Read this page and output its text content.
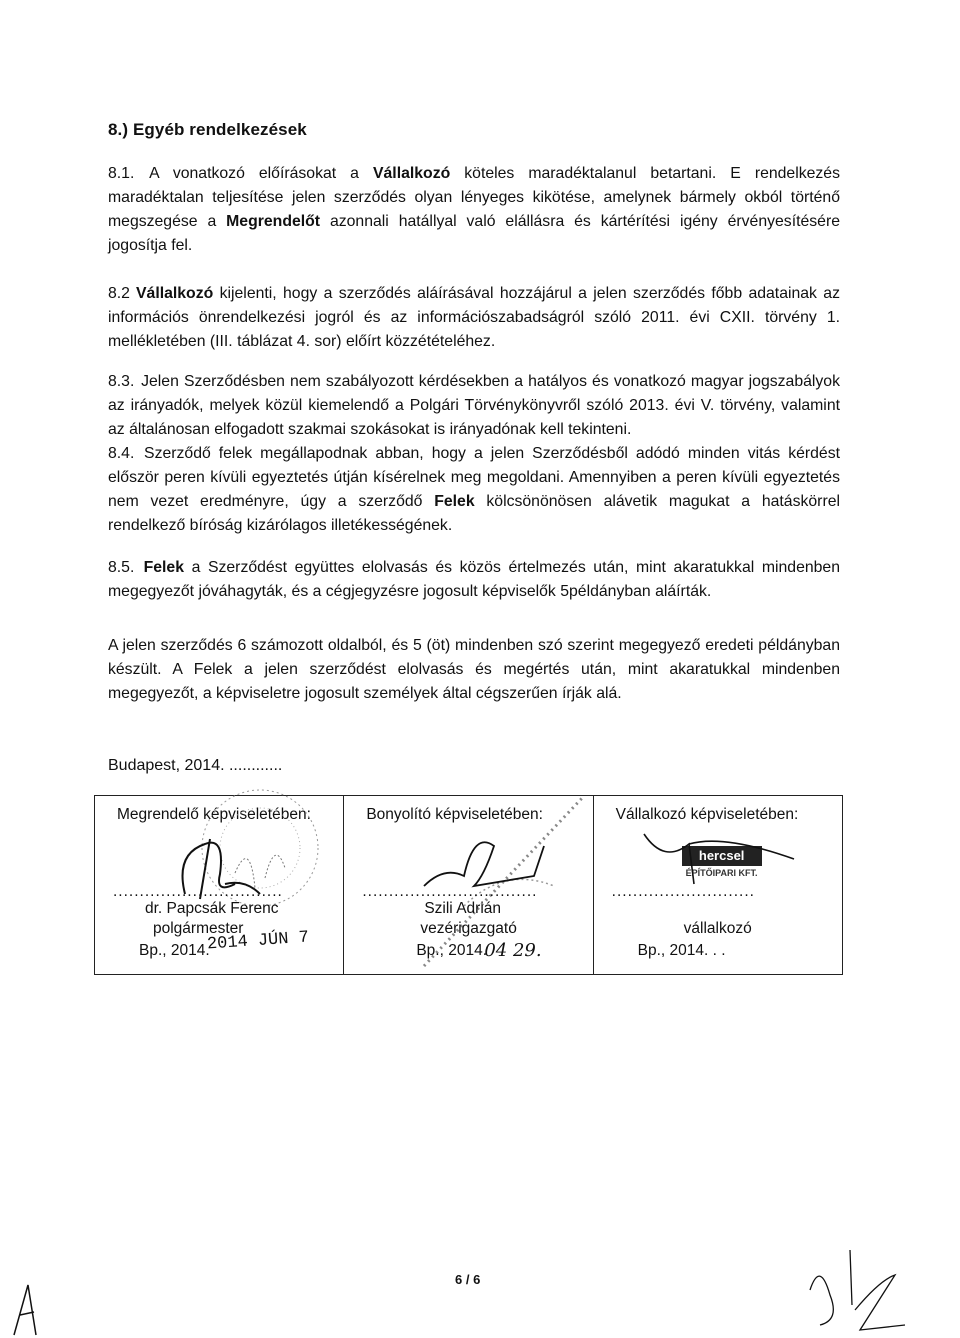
8.) Egyéb rendelkezések
8.1. A vonatkozó előírásokat a Vállalkozó köteles maradéktalanul betartani. E rendelkezés maradéktalan teljesítése jelen szerződés olyan lényeges kikötése, amelynek bármely okból történő megszegése a Megrendelőt azonnali hatállyal való elállásra és kártérítési igény érvényesítésére jogosítja fel.
8.2 Vállalkozó kijelenti, hogy a szerződés aláírásával hozzájárul a jelen szerződés főbb adatainak az információs önrendelkezési jogról és az információszabadságról szóló 2011. évi CXII. törvény 1. mellékletében (III. táblázat 4. sor) előírt közzétételéhez.
8.3. Jelen Szerződésben nem szabályozott kérdésekben a hatályos és vonatkozó magyar jogszabályok az irányadók, melyek közül kiemelendő a Polgári Törvénykönyvről szóló 2013. évi V. törvény, valamint az általánosan elfogadott szakmai szokásokat is irányadónak kell tekinteni.
8.4. Szerződő felek megállapodnak abban, hogy a jelen Szerződésből adódó minden vitás kérdést először peren kívüli egyeztetés útján kísérelnek meg megoldani. Amennyiben a peren kívüli egyeztetés nem vezet eredményre, úgy a szerződő Felek kölcsönönösen alávetik magukat a hatáskörrel rendelkező bíróság kizárólagos illetékességének.
8.5. Felek a Szerződést együttes elolvasás és közös értelmezés után, mint akaratukkal mindenben megegyezőt jóváhagyták, és a cégjegyzésre jogosult képviselők 5példányban aláírták.
A jelen szerződés 6 számozott oldalból, és 5 (öt) mindenben szó szerint megegyező eredeti példányban készült. A Felek a jelen szerződést elolvasás és megértés után, mint akaratukkal mindenben megegyezőt, a képviseletre jogosult személyek által cégszerűen írják alá.
Budapest, 2014. ............
Megrendelő képviseletében:
................................
dr. Papcsák Ferenc
polgármester
Bp., 2014.
2014 JÚN 7

Bonyolító képviseletében:
.................................
Szili Adrián
vezérigazgató
Bp., 2014.
04 29.

Vállalkozó képviseletében:
hercsel
ÉPÍTŐIPARI KFT.
...........................
vállalkozó
Bp., 2014. . .
6 / 6
